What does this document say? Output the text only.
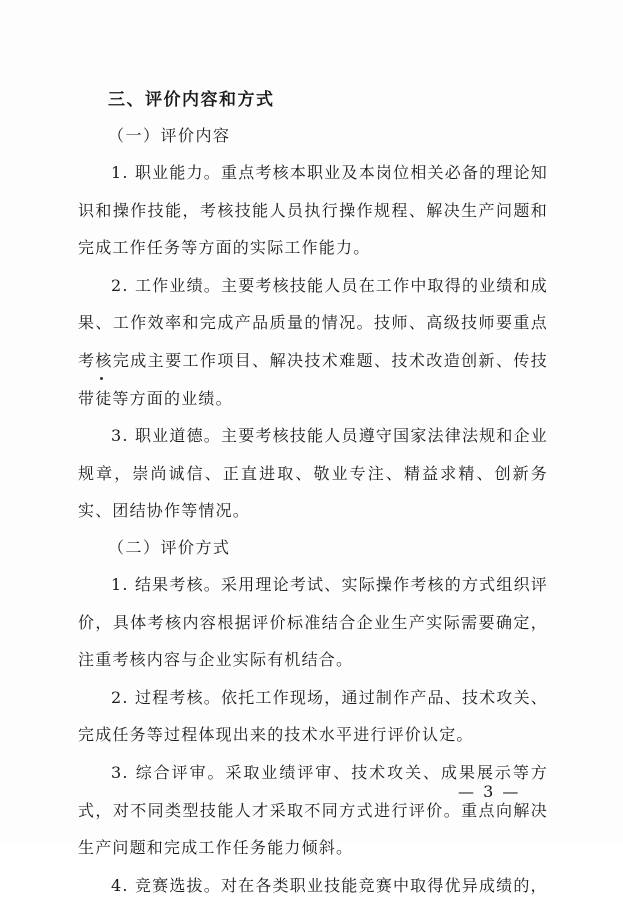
三、评价内容和方式
（一）评价内容

1. 职业能力。重点考核本职业及本岗位相关必备的理论知识和操作技能，考核技能人员执行操作规程、解决生产问题和完成工作任务等方面的实际工作能力。

2. 工作业绩。主要考核技能人员在工作中取得的业绩和成果、工作效率和完成产品质量的情况。技师、高级技师要重点考核完成主要工作项目、解决技术难题、技术改造创新、传技带徒等方面的业绩。

3. 职业道德。主要考核技能人员遵守国家法律法规和企业规章，崇尚诚信、正直进取、敬业专注、精益求精、创新务实、团结协作等情况。

（二）评价方式

1. 结果考核。采用理论考试、实际操作考核的方式组织评价，具体考核内容根据评价标准结合企业生产实际需要确定，注重考核内容与企业实际有机结合。

2. 过程考核。依托工作现场，通过制作产品、技术攻关、完成任务等过程体现出来的技术水平进行评价认定。

3. 综合评审。采取业绩评审、技术攻关、成果展示等方式，对不同类型技能人才采取不同方式进行评价。重点向解决生产问题和完成工作任务能力倾斜。

4. 竞赛选拔。对在各类职业技能竞赛中取得优异成绩的，

— 3 —
